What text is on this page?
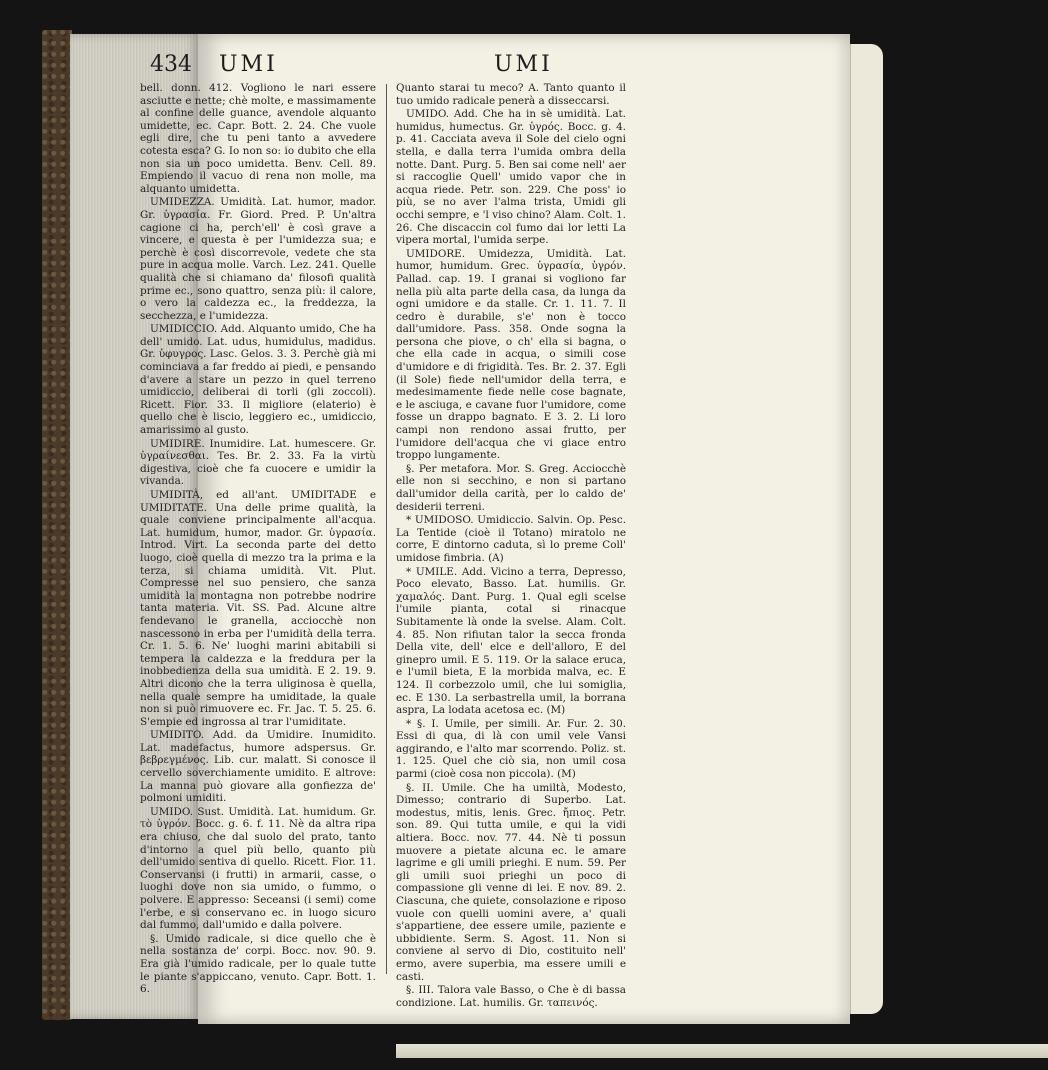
434 UMI	UMI

bell. donn. 412. Vogliono le nari essere asciutte e nette; chè molte, e massimamente al confine delle guance, avendole alquanto umidette, ec. Capr. Bott. 2. 24. Che vuole egli dire, che tu peni tanto a avvedere cotesta esca? G. Io non so: io dubito che ella non sia un poco umidetta. Benv. Cell. 89. Empiendo il vacuo di rena non molle, ma alquanto umidetta.

UMIDEZZA. Umidità. Lat. humor, mador. Gr. ὑγρασία. Fr. Giord. Pred. P. Un'altra cagione ci ha, perch'ell' è così grave a vincere, e questa è per l'umidezza sua; e perchè è così discorrevole, vedete che sta pure in acqua molle. Varch. Lez. 241. Quelle qualità che si chiamano da' filosofi qualità prime ec., sono quattro, senza più: il calore, o vero la caldezza ec., la freddezza, la secchezza, e l'umidezza.

UMIDICCIO. Add. Alquanto umido, Che ha dell' umido. Lat. udus, humidulus, madidus. Gr. ὑφυγρος. Lasc. Gelos. 3. 3. Perchè già mi cominciava a far freddo ai piedi, e pensando d'avere a stare un pezzo in quel terreno umidiccio, deliberai di torli (gli zoccoli). Ricett. Fior. 33. Il migliore (elaterio) è quello che è liscio, leggiero ec., umidiccio, amarissimo al gusto.

UMIDIRE. Inumidire. Lat. humescere. Gr. ὑγραίνεσθαι. Tes. Br. 2. 33. Fa la virtù digestiva, cioè che fa cuocere e umidir la vivanda.

UMIDITÀ, ed all'ant. UMIDITADE e UMIDITATE. Una delle prime qualità, la quale conviene principalmente all'acqua. Lat. humidum, humor, mador. Gr. ὑγρασία. Introd. Virt. La seconda parte del detto luogo, cioè quella di mezzo tra la prima e la terza, si chiama umidità. Vit. Plut. Compresse nel suo pensiero, che sanza umidità la montagna non potrebbe nodrire tanta materia. Vit. SS. Pad. Alcune altre fendevano le granella, acciocchè non nascessono in erba per l'umidità della terra. Cr. 1. 5. 6. Ne' luoghi marini abitabili si tempera la caldezza e la freddura per la inobbedienza della sua umidità. E 2. 19. 9. Altri dicono che la terra uliginosa è quella, nella quale sempre ha umiditade, la quale non si può rimuovere ec. Fr. Jac. T. 5. 25. 6. S'empie ed ingrossa al trar l'umiditate.

UMIDITO. Add. da Umidire. Inumidito. Lat. madefactus, humore adspersus. Gr. βεβρεγμένος. Lib. cur. malatt. Si conosce il cervello soverchiamente umidito. E altrove: La manna può giovare alla gonfiezza de' polmoni umiditi.

UMIDO. Sust. Umidità. Lat. humidum. Gr. τὸ ὑγρόν. Bocc. g. 6. f. 11. Nè da altra ripa era chiuso, che dal suolo del prato, tanto d'intorno a quel più bello, quanto più dell'umido sentiva di quello. Ricett. Fior. 11. Conservansi (i frutti) in armarii, casse, o luoghi dove non sia umido, o fummo, o polvere. E appresso: Seceansi (i semi) come l'erbe, e si conservano ec. in luogo sicuro dal fummo, dall'umido e dalla polvere.

§. Umido radicale, si dice quello che è nella sostanza de' corpi. Bocc. nov. 90. 9. Era già l'umido radicale, per lo quale tutte le piante s'appiccano, venuto. Capr. Bott. 1. 6.

Quanto starai tu meco? A. Tanto quanto il tuo umido radicale penerà a disseccarsi.

UMIDO. Add. Che ha in sè umidità. Lat. humidus, humectus. Gr. ὑγρός. Bocc. g. 4. p. 41. Cacciata aveva il Sole del cielo ogni stella, e dalla terra l'umida ombra della notte. Dant. Purg. 5. Ben sai come nell' aer si raccoglie Quell' umido vapor che in acqua riede. Petr. son. 229. Che poss' io più, se no aver l'alma trista, Umidi gli occhi sempre, e 'l viso chino? Alam. Colt. 1. 26. Che discaccin col fumo dai lor letti La vipera mortal, l'umida serpe.

UMIDORE. Umidezza, Umidità. Lat. humor, humidum. Grec. ὑγρασία, ὑγρόν. Pallad. cap. 19. I granai si vogliono far nella più alta parte della casa, da lunga da ogni umidore e da stalle. Cr. 1. 11. 7. Il cedro è durabile, s'e' non è tocco dall'umidore. Pass. 358. Onde sogna la persona che piove, o ch' ella si bagna, o che ella cade in acqua, o simili cose d'umidore e di frigidità. Tes. Br. 2. 37. Egli (il Sole) fiede nell'umidor della terra, e medesimamente fiede nelle cose bagnate, e le asciuga, e cavane fuor l'umidore, come fosse un drappo bagnato. E 3. 2. Li loro campi non rendono assai frutto, per l'umidore dell'acqua che vi giace entro troppo lungamente.

§. Per metafora. Mor. S. Greg. Acciocchè elle non si secchino, e non si partano dall'umidor della carità, per lo caldo de' desiderii terreni.

* UMIDOSO. Umidiccio. Salvin. Op. Pesc. La Tentide (cioè il Totano) miratolo ne corre, E dintorno caduta, sì lo preme Coll' umidose fimbria. (A)

* UMILE. Add. Vicino a terra, Depresso, Poco elevato, Basso. Lat. humilis. Gr. χαμαλός. Dant. Purg. 1. Qual egli scelse l'umile pianta, cotal si rinacque Subitamente là onde la svelse. Alam. Colt. 4. 85. Non rifiutan talor la secca fronda Della vite, dell' elce e dell'alloro, E del ginepro umil. E 5. 119. Or la salace eruca, e l'umil bieta, E la morbida malva, ec. E 124. Il corbezzolo umil, che lui somiglia, ec. E 130. La serbastrella umil, la borrana aspra, La lodata acetosa ec. (M)

* §. I. Umile, per simili. Ar. Fur. 2. 30. Essi di qua, di là con umil vele Vansi aggirando, e l'alto mar scorrendo. Poliz. st. 1. 125. Quel che ciò sia, non umil cosa parmi (cioè cosa non piccola). (M)

§. II. Umile. Che ha umiltà, Modesto, Dimesso; contrario di Superbo. Lat. modestus, mitis, lenis. Grec. ἤπιος. Petr. son. 89. Qui tutta umile, e qui la vidi altiera. Bocc. nov. 77. 44. Nè ti possun muovere a pietate alcuna ec. le amare lagrime e gli umili prieghi. E num. 59. Per gli umili suoi prieghi un poco di compassione gli venne di lei. E nov. 89. 2. Ciascuna, che quiete, consolazione e riposo vuole con quelli uomini avere, a' quali s'appartiene, dee essere umile, paziente e ubbidiente. Serm. S. Agost. 11. Non si conviene al servo di Dio, costituito nell' ermo, avere superbia, ma essere umili e casti.

§. III. Talora vale Basso, o Che è di bassa condizione. Lat. humilis. Gr. ταπεινός.
